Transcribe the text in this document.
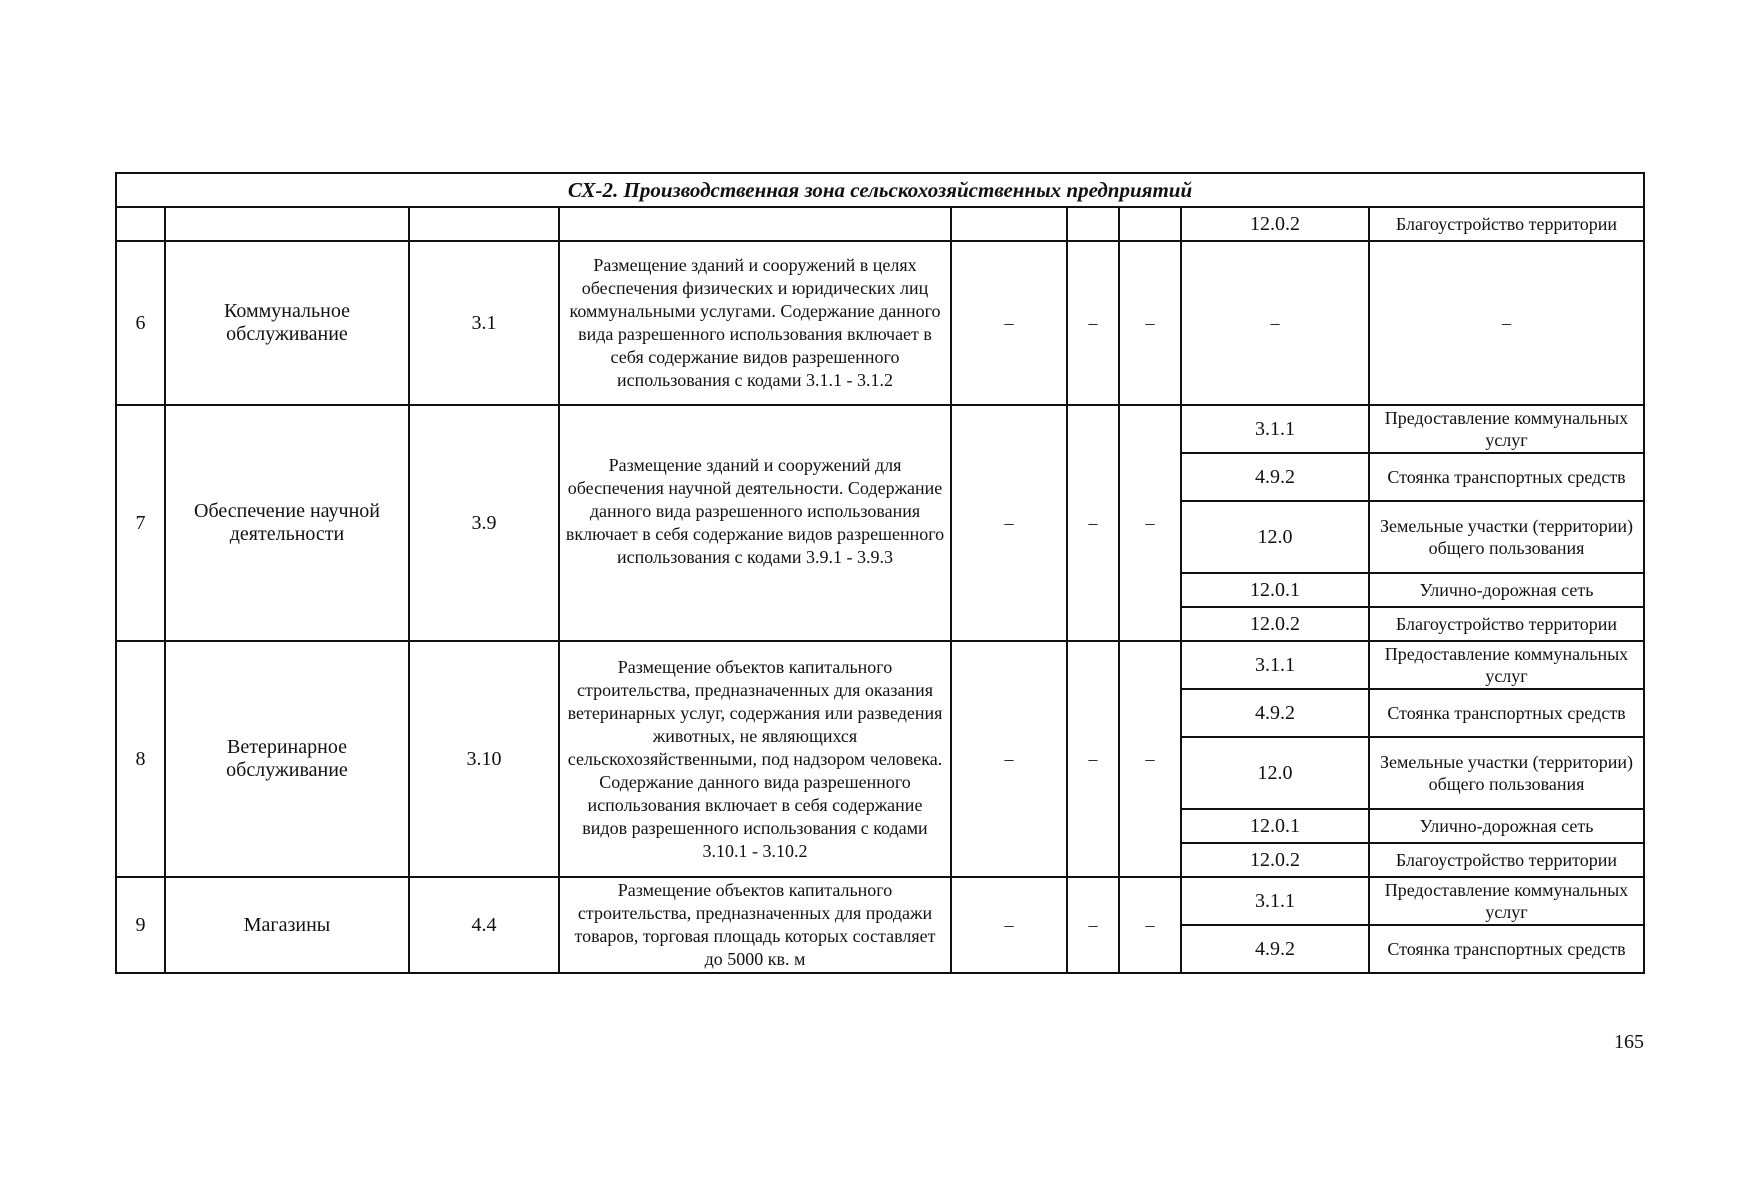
СХ-2. Производственная зона сельскохозяйственных предприятий								
							12.0.2	Благоустройство территории
6	Коммунальное обслуживание	3.1	Размещение зданий и сооружений в целях обеспечения физических и юридических лиц коммунальными услугами. Содержание данного вида разрешенного использования включает в себя содержание видов разрешенного использования с кодами 3.1.1 - 3.1.2	–	–	–	–	–
7	Обеспечение научной деятельности	3.9	Размещение зданий и сооружений для обеспечения научной деятельности. Содержание данного вида разрешенного использования включает в себя содержание видов разрешенного использования с кодами 3.9.1 - 3.9.3	–	–	–	3.1.1	Предоставление коммунальных услуг
							4.9.2	Стоянка транспортных средств
							12.0	Земельные участки (территории) общего пользования
							12.0.1	Улично-дорожная сеть
							12.0.2	Благоустройство территории
8	Ветеринарное обслуживание	3.10	Размещение объектов капитального строительства, предназначенных для оказания ветеринарных услуг, содержания или разведения животных, не являющихся сельскохозяйственными, под надзором человека. Содержание данного вида разрешенного использования включает в себя содержание видов разрешенного использования с кодами 3.10.1 - 3.10.2	–	–	–	3.1.1	Предоставление коммунальных услуг
							4.9.2	Стоянка транспортных средств
							12.0	Земельные участки (территории) общего пользования
							12.0.1	Улично-дорожная сеть
							12.0.2	Благоустройство территории
9	Магазины	4.4	Размещение объектов капитального строительства, предназначенных для продажи товаров, торговая площадь которых составляет до 5000 кв. м	–	–	–	3.1.1	Предоставление коммунальных услуг
							4.9.2	Стоянка транспортных средств
165
